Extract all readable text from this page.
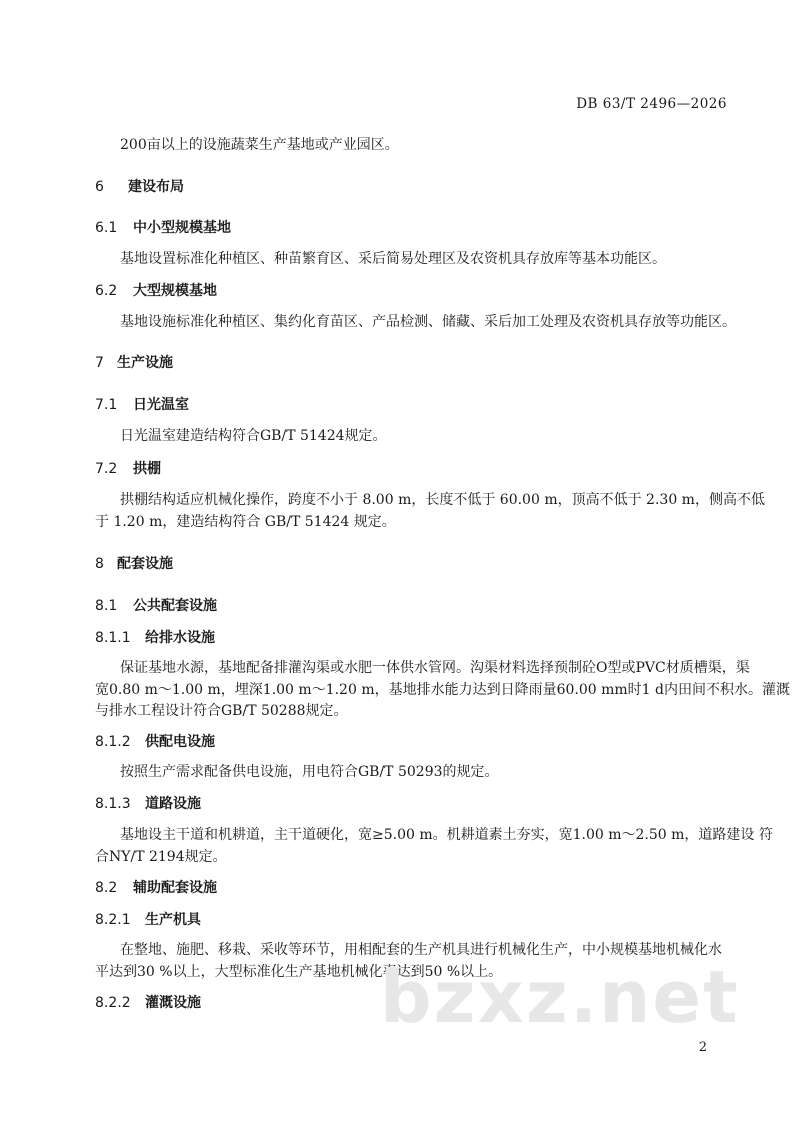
DB 63/T 2496—2026
200亩以上的设施蔬菜生产基地或产业园区。
6 建设布局
6.1 中小型规模基地
基地设置标准化种植区、种苗繁育区、采后简易处理区及农资机具存放库等基本功能区。
6.2 大型规模基地
基地设施标准化种植区、集约化育苗区、产品检测、储藏、采后加工处理及农资机具存放等功能区。
7 生产设施
7.1 日光温室
日光温室建造结构符合GB/T 51424规定。
7.2 拱棚
拱棚结构适应机械化操作，跨度不小于 8.00 m，长度不低于 60.00 m，顶高不低于 2.30 m，侧高不低
于 1.20 m，建造结构符合 GB/T 51424 规定。
8 配套设施
8.1 公共配套设施
8.1.1 给排水设施
保证基地水源，基地配备排灌沟渠或水肥一体供水管网。沟渠材料选择预制砼O型或PVC材质槽渠，渠
宽0.80 m～1.00 m，埋深1.00 m～1.20 m，基地排水能力达到日降雨量60.00 mm时1 d内田间不积水。灌溉
与排水工程设计符合GB/T 50288规定。
8.1.2 供配电设施
按照生产需求配备供电设施，用电符合GB/T 50293的规定。
8.1.3 道路设施
基地设主干道和机耕道，主干道硬化，宽≥5.00 m。机耕道素土夯实，宽1.00 m～2.50 m，道路建设 符
合NY/T 2194规定。
8.2 辅助配套设施
8.2.1 生产机具
在整地、施肥、移栽、采收等环节，用相配套的生产机具进行机械化生产，中小规模基地机械化水
平达到30 %以上，大型标准化生产基地机械化率达到50 %以上。
8.2.2 灌溉设施 bzxz.net
2
